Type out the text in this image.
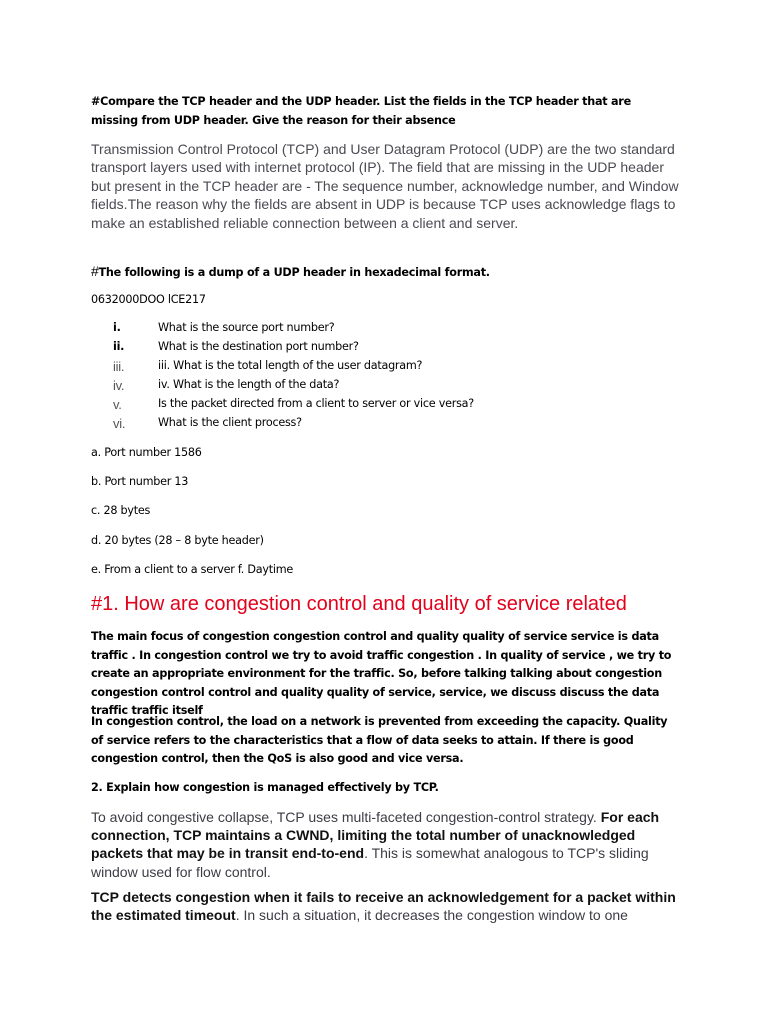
#Compare the TCP header and the UDP header. List the fields in the TCP header that are missing from UDP header. Give the reason for their absence

Transmission Control Protocol (TCP) and User Datagram Protocol (UDP) are the two standard transport layers used with internet protocol (IP). The field that are missing in the UDP header but present in the TCP header are - The sequence number, acknowledge number, and Window fields.The reason why the fields are absent in UDP is because TCP uses acknowledge flags to make an established reliable connection between a client and server.

#The following is a dump of a UDP header in hexadecimal format.

0632000DOO lCE217

i.	What is the source port number?
ii.	What is the destination port number?
iii.	iii. What is the total length of the user datagram?
iv.	iv. What is the length of the data?
v.	Is the packet directed from a client to server or vice versa?
vi.	What is the client process?

a. Port number 1586

b. Port number 13

c. 28 bytes

d. 20 bytes (28 – 8 byte header)

e. From a client to a server f. Daytime

#1. How are congestion control and quality of service related

The main focus of congestion congestion control and quality quality of service service is data traffic . In congestion control we try to avoid traffic congestion . In quality of service , we try to create an appropriate environment for the traffic. So, before talking talking about congestion congestion control control and quality quality of service, service, we discuss discuss the data traffic traffic itself

In congestion control, the load on a network is prevented from exceeding the capacity. Quality of service refers to the characteristics that a flow of data seeks to attain. If there is good congestion control, then the QoS is also good and vice versa.

2. Explain how congestion is managed effectively by TCP.

To avoid congestive collapse, TCP uses multi-faceted congestion-control strategy. For each connection, TCP maintains a CWND, limiting the total number of unacknowledged packets that may be in transit end-to-end. This is somewhat analogous to TCP's sliding window used for flow control.

TCP detects congestion when it fails to receive an acknowledgement for a packet within the estimated timeout. In such a situation, it decreases the congestion window to one
